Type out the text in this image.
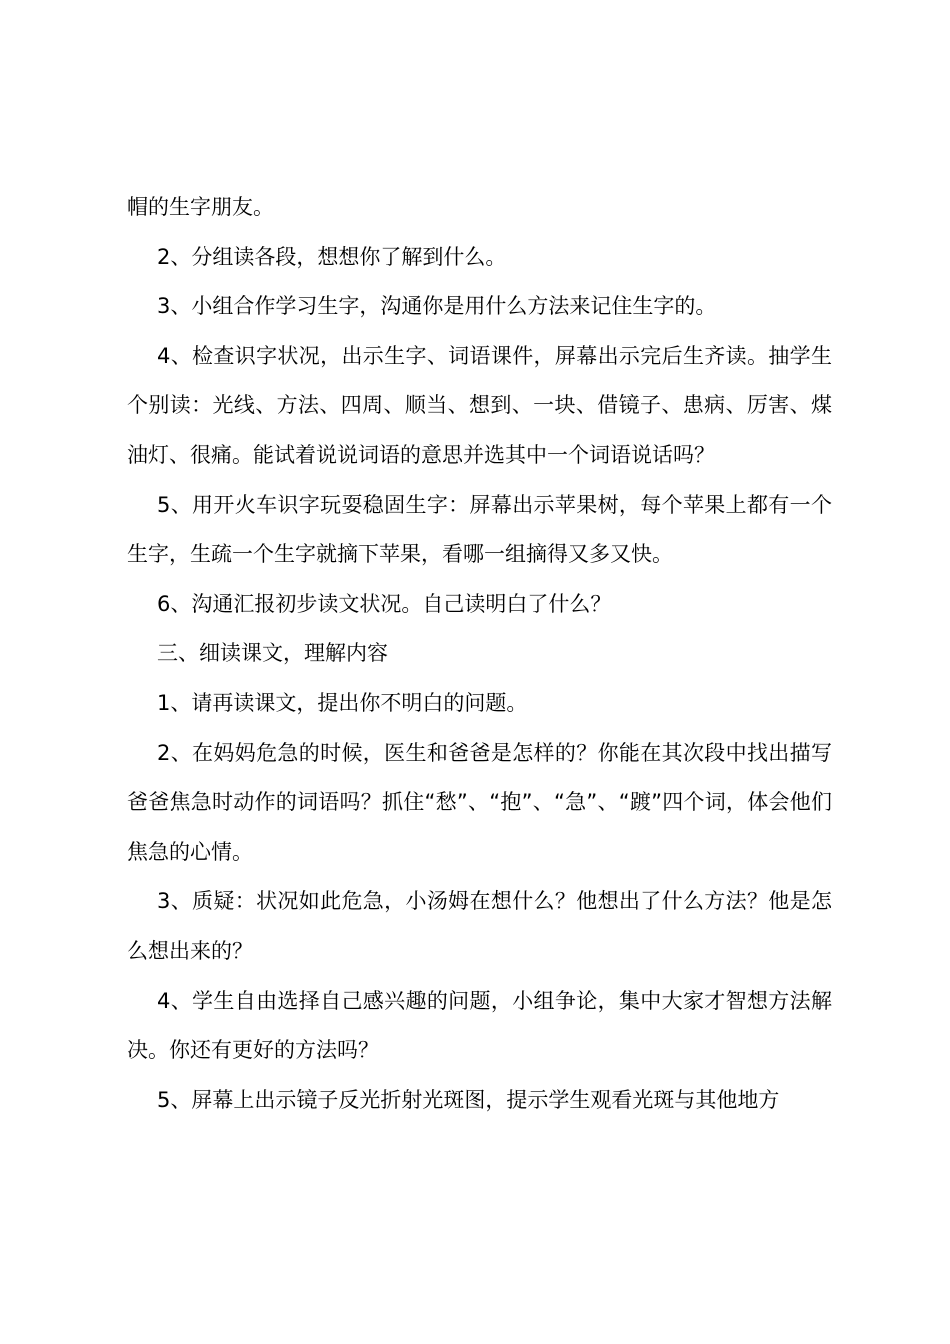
帽的生字朋友。

2、分组读各段，想想你了解到什么。

3、小组合作学习生字，沟通你是用什么方法来记住生字的。

4、检查识字状况，出示生字、词语课件，屏幕出示完后生齐读。抽学生个别读：光线、方法、四周、顺当、想到、一块、借镜子、患病、厉害、煤油灯、很痛。能试着说说词语的意思并选其中一个词语说话吗？

5、用开火车识字玩耍稳固生字：屏幕出示苹果树，每个苹果上都有一个生字，生疏一个生字就摘下苹果，看哪一组摘得又多又快。

6、沟通汇报初步读文状况。自己读明白了什么？

三、细读课文，理解内容

1、请再读课文，提出你不明白的问题。

2、在妈妈危急的时候，医生和爸爸是怎样的？你能在其次段中找出描写爸爸焦急时动作的词语吗？抓住“愁”、“抱”、“急”、“踱”四个词，体会他们焦急的心情。

3、质疑：状况如此危急，小汤姆在想什么？他想出了什么方法？他是怎么想出来的？

4、学生自由选择自己感兴趣的问题，小组争论，集中大家才智想方法解决。你还有更好的方法吗？

5、屏幕上出示镜子反光折射光斑图，提示学生观看光斑与其他地方
